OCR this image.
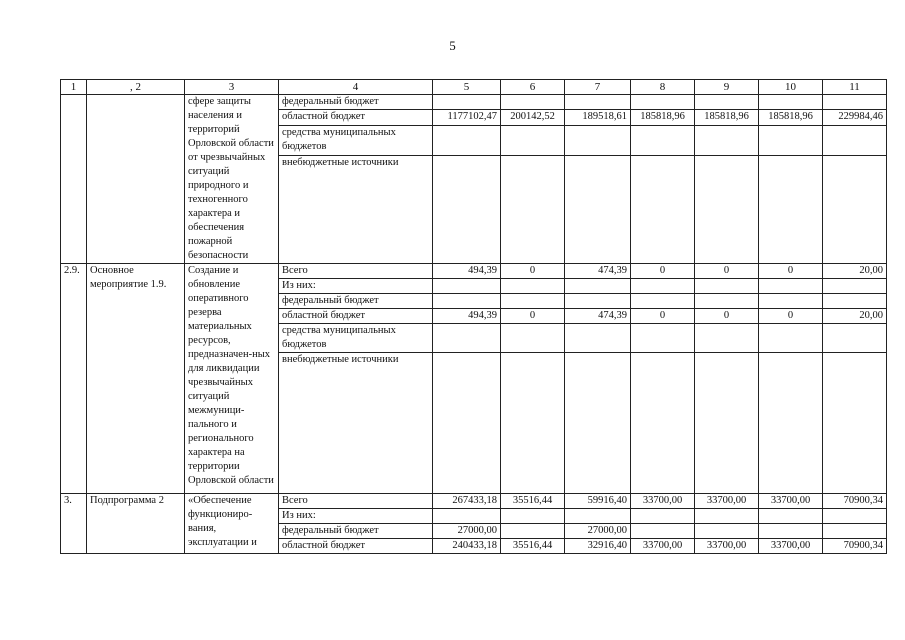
5
1	, 2	3	4	5	6	7	8	9	10	11
		сфере защиты населения и территорий Орловской области от чрезвычайных ситуаций природного и техногенного характера и обеспечения пожарной безопасности	федеральный бюджет							
			областной бюджет	1177102,47	200142,52	189518,61	185818,96	185818,96	185818,96	229984,46
			средства муниципальных бюджетов							
			внебюджетные источники							
2.9.	Основное мероприятие 1.9.	Создание и обновление оперативного резерва материальных ресурсов, предназначен-ных для ликвидации чрезвычайных ситуаций межмуници-пального и регионального характера на территории Орловской области	Всего	494,39	0	474,39	0	0	0	20,00
			Из них:							
			федеральный бюджет							
			областной бюджет	494,39	0	474,39	0	0	0	20,00
			средства муниципальных бюджетов							
			внебюджетные источники							
3.	Подпрограмма 2	«Обеспечение функциониро-вания, эксплуатации и	Всего	267433,18	35516,44	59916,40	33700,00	33700,00	33700,00	70900,34
			Из них:							
			федеральный бюджет	27000,00		27000,00				
			областной бюджет	240433,18	35516,44	32916,40	33700,00	33700,00	33700,00	70900,34
